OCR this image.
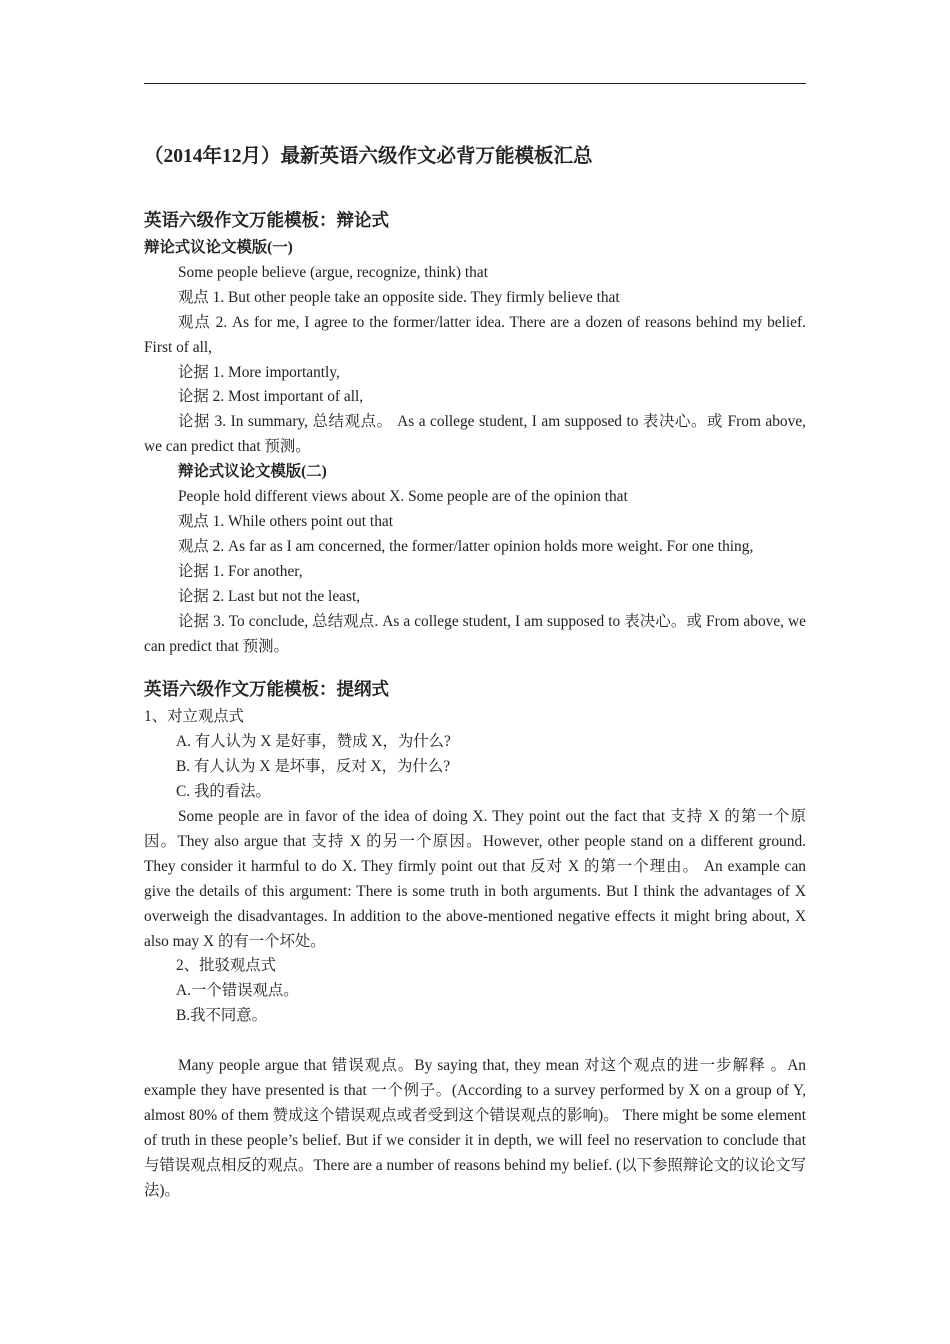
（2014年12月）最新英语六级作文必背万能模板汇总
英语六级作文万能模板：辩论式
辩论式议论文模版(一)

Some people believe (argue, recognize, think) that

观点 1. But other people take an opposite side. They firmly believe that

观点 2. As for me, I agree to the former/latter idea. There are a dozen of reasons behind my belief. First of all,

论据 1. More importantly,

论据 2. Most important of all,

论据 3. In summary, 总结观点。 As a college student, I am supposed to 表决心。或 From above, we can predict that 预测。

辩论式议论文模版(二)

People hold different views about X. Some people are of the opinion that

观点 1. While others point out that

观点 2. As far as I am concerned, the former/latter opinion holds more weight. For one thing,

论据 1. For another,

论据 2. Last but not the least,

论据 3. To conclude, 总结观点. As a college student, I am supposed to 表决心。或 From above, we can predict that 预测。

英语六级作文万能模板：提纲式

1、对立观点式

A. 有人认为 X 是好事，赞成 X，为什么?

B. 有人认为 X 是坏事，反对 X，为什么?

C. 我的看法。

Some people are in favor of the idea of doing X. They point out the fact that 支持 X 的第一个原因。They also argue that 支持 X 的另一个原因。However, other people stand on a different ground. They consider it harmful to do X. They firmly point out that 反对 X 的第一个理由。 An example can give the details of this argument: There is some truth in both arguments. But I think the advantages of X overweigh the disadvantages. In addition to the above-mentioned negative effects it might bring about, X also may X 的有一个坏处。

2、批驳观点式

A.一个错误观点。

B.我不同意。

Many people argue that 错误观点。By saying that, they mean 对这个观点的进一步解释 。An example they have presented is that 一个例子。(According to a survey performed by X on a group of Y, almost 80% of them 赞成这个错误观点或者受到这个错误观点的影响)。 There might be some element of truth in these people’s belief. But if we consider it in depth, we will feel no reservation to conclude that 与错误观点相反的观点。There are a number of reasons behind my belief. (以下参照辩论文的议论文写法)。
